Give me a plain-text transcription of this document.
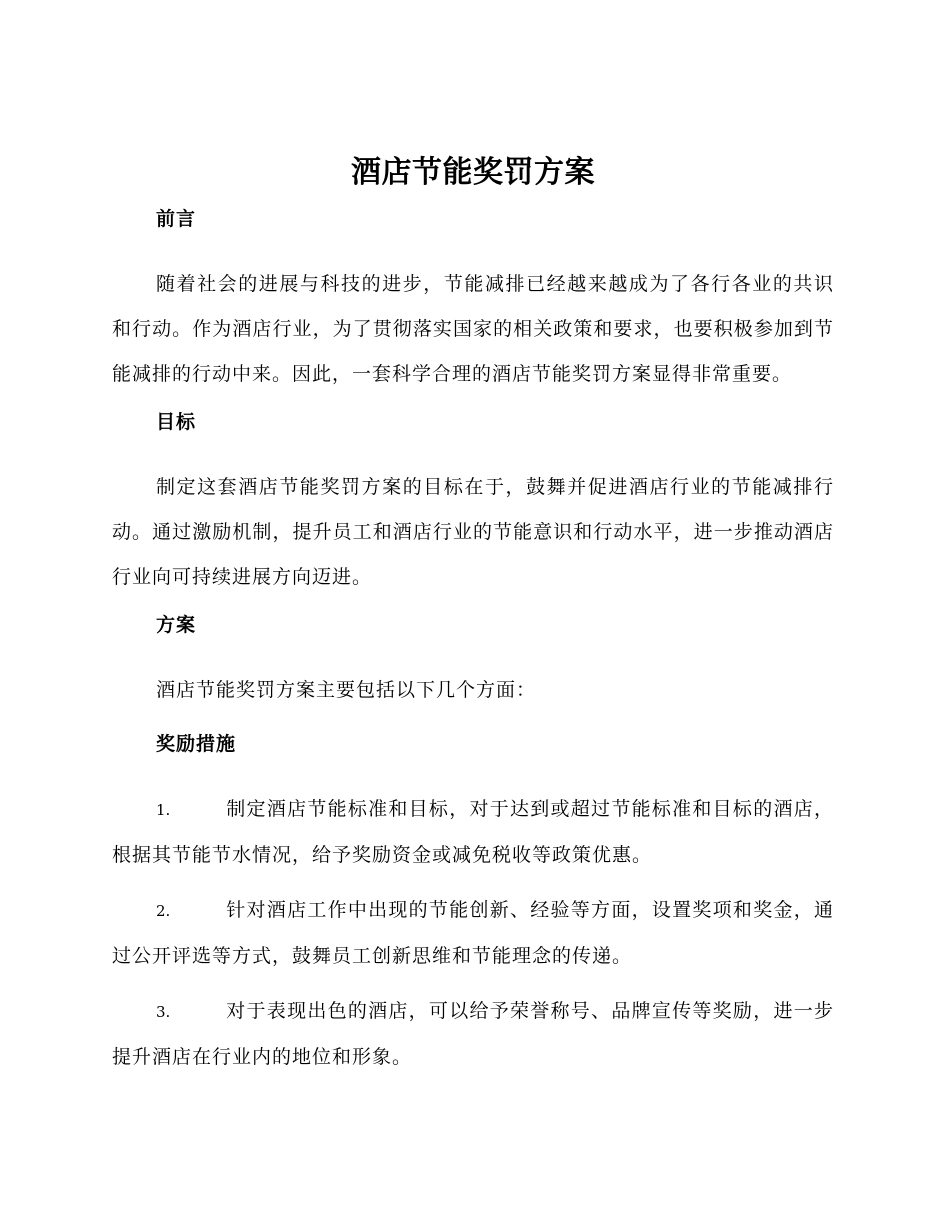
酒店节能奖罚方案
前言

随着社会的进展与科技的进步，节能减排已经越来越成为了各行各业的共识和行动。作为酒店行业，为了贯彻落实国家的相关政策和要求，也要积极参加到节能减排的行动中来。因此，一套科学合理的酒店节能奖罚方案显得非常重要。

目标

制定这套酒店节能奖罚方案的目标在于，鼓舞并促进酒店行业的节能减排行动。通过激励机制，提升员工和酒店行业的节能意识和行动水平，进一步推动酒店行业向可持续进展方向迈进。

方案

酒店节能奖罚方案主要包括以下几个方面：

奖励措施

1.	制定酒店节能标准和目标，对于达到或超过节能标准和目标的酒店，根据其节能节水情况，给予奖励资金或减免税收等政策优惠。

2.	针对酒店工作中出现的节能创新、经验等方面，设置奖项和奖金，通过公开评选等方式，鼓舞员工创新思维和节能理念的传递。

3.	对于表现出色的酒店，可以给予荣誉称号、品牌宣传等奖励，进一步提升酒店在行业内的地位和形象。
